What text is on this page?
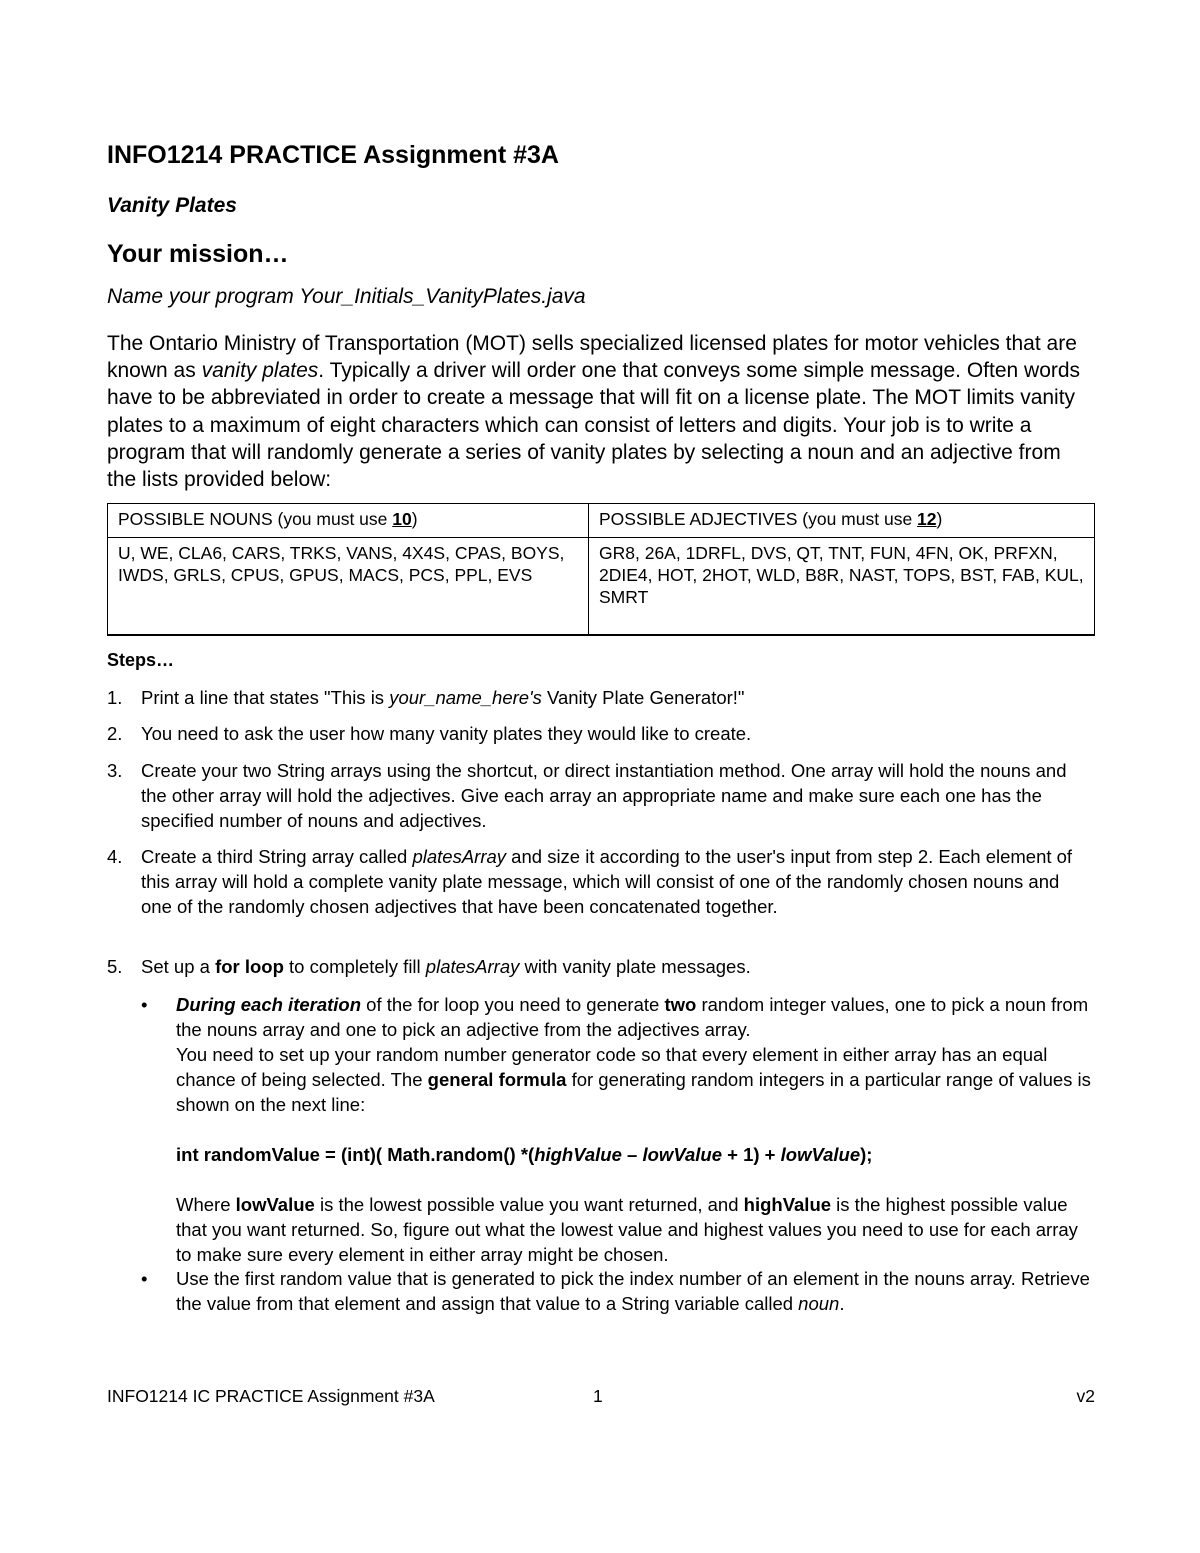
INFO1214 PRACTICE Assignment #3A
Vanity Plates
Your mission…
Name your program Your_Initials_VanityPlates.java
The Ontario Ministry of Transportation (MOT) sells specialized licensed plates for motor vehicles that are known as vanity plates. Typically a driver will order one that conveys some simple message. Often words have to be abbreviated in order to create a message that will fit on a license plate. The MOT limits vanity plates to a maximum of eight characters which can consist of letters and digits. Your job is to write a program that will randomly generate a series of vanity plates by selecting a noun and an adjective from the lists provided below:
POSSIBLE NOUNS (you must use 10)	POSSIBLE ADJECTIVES (you must use 12)
U, WE, CLA6, CARS, TRKS, VANS, 4X4S, CPAS, BOYS, IWDS, GRLS, CPUS, GPUS, MACS, PCS, PPL, EVS	GR8, 26A, 1DRFL, DVS, QT, TNT, FUN, 4FN, OK, PRFXN, 2DIE4, HOT, 2HOT, WLD, B8R, NAST, TOPS, BST, FAB, KUL, SMRT
Steps…
1. Print a line that states "This is your_name_here's Vanity Plate Generator!"
2. You need to ask the user how many vanity plates they would like to create.
3. Create your two String arrays using the shortcut, or direct instantiation method. One array will hold the nouns and the other array will hold the adjectives. Give each array an appropriate name and make sure each one has the specified number of nouns and adjectives.
4. Create a third String array called platesArray and size it according to the user's input from step 2. Each element of this array will hold a complete vanity plate message, which will consist of one of the randomly chosen nouns and one of the randomly chosen adjectives that have been concatenated together.
5. Set up a for loop to completely fill platesArray with vanity plate messages.
• During each iteration of the for loop you need to generate two random integer values, one to pick a noun from the nouns array and one to pick an adjective from the adjectives array.
You need to set up your random number generator code so that every element in either array has an equal chance of being selected. The general formula for generating random integers in a particular range of values is shown on the next line:
int randomValue = (int)( Math.random() *(highValue – lowValue + 1) + lowValue);
Where lowValue is the lowest possible value you want returned, and highValue is the highest possible value that you want returned. So, figure out what the lowest value and highest values you need to use for each array to make sure every element in either array might be chosen.
• Use the first random value that is generated to pick the index number of an element in the nouns array. Retrieve the value from that element and assign that value to a String variable called noun.
INFO1214 IC PRACTICE Assignment #3A	1	v2
